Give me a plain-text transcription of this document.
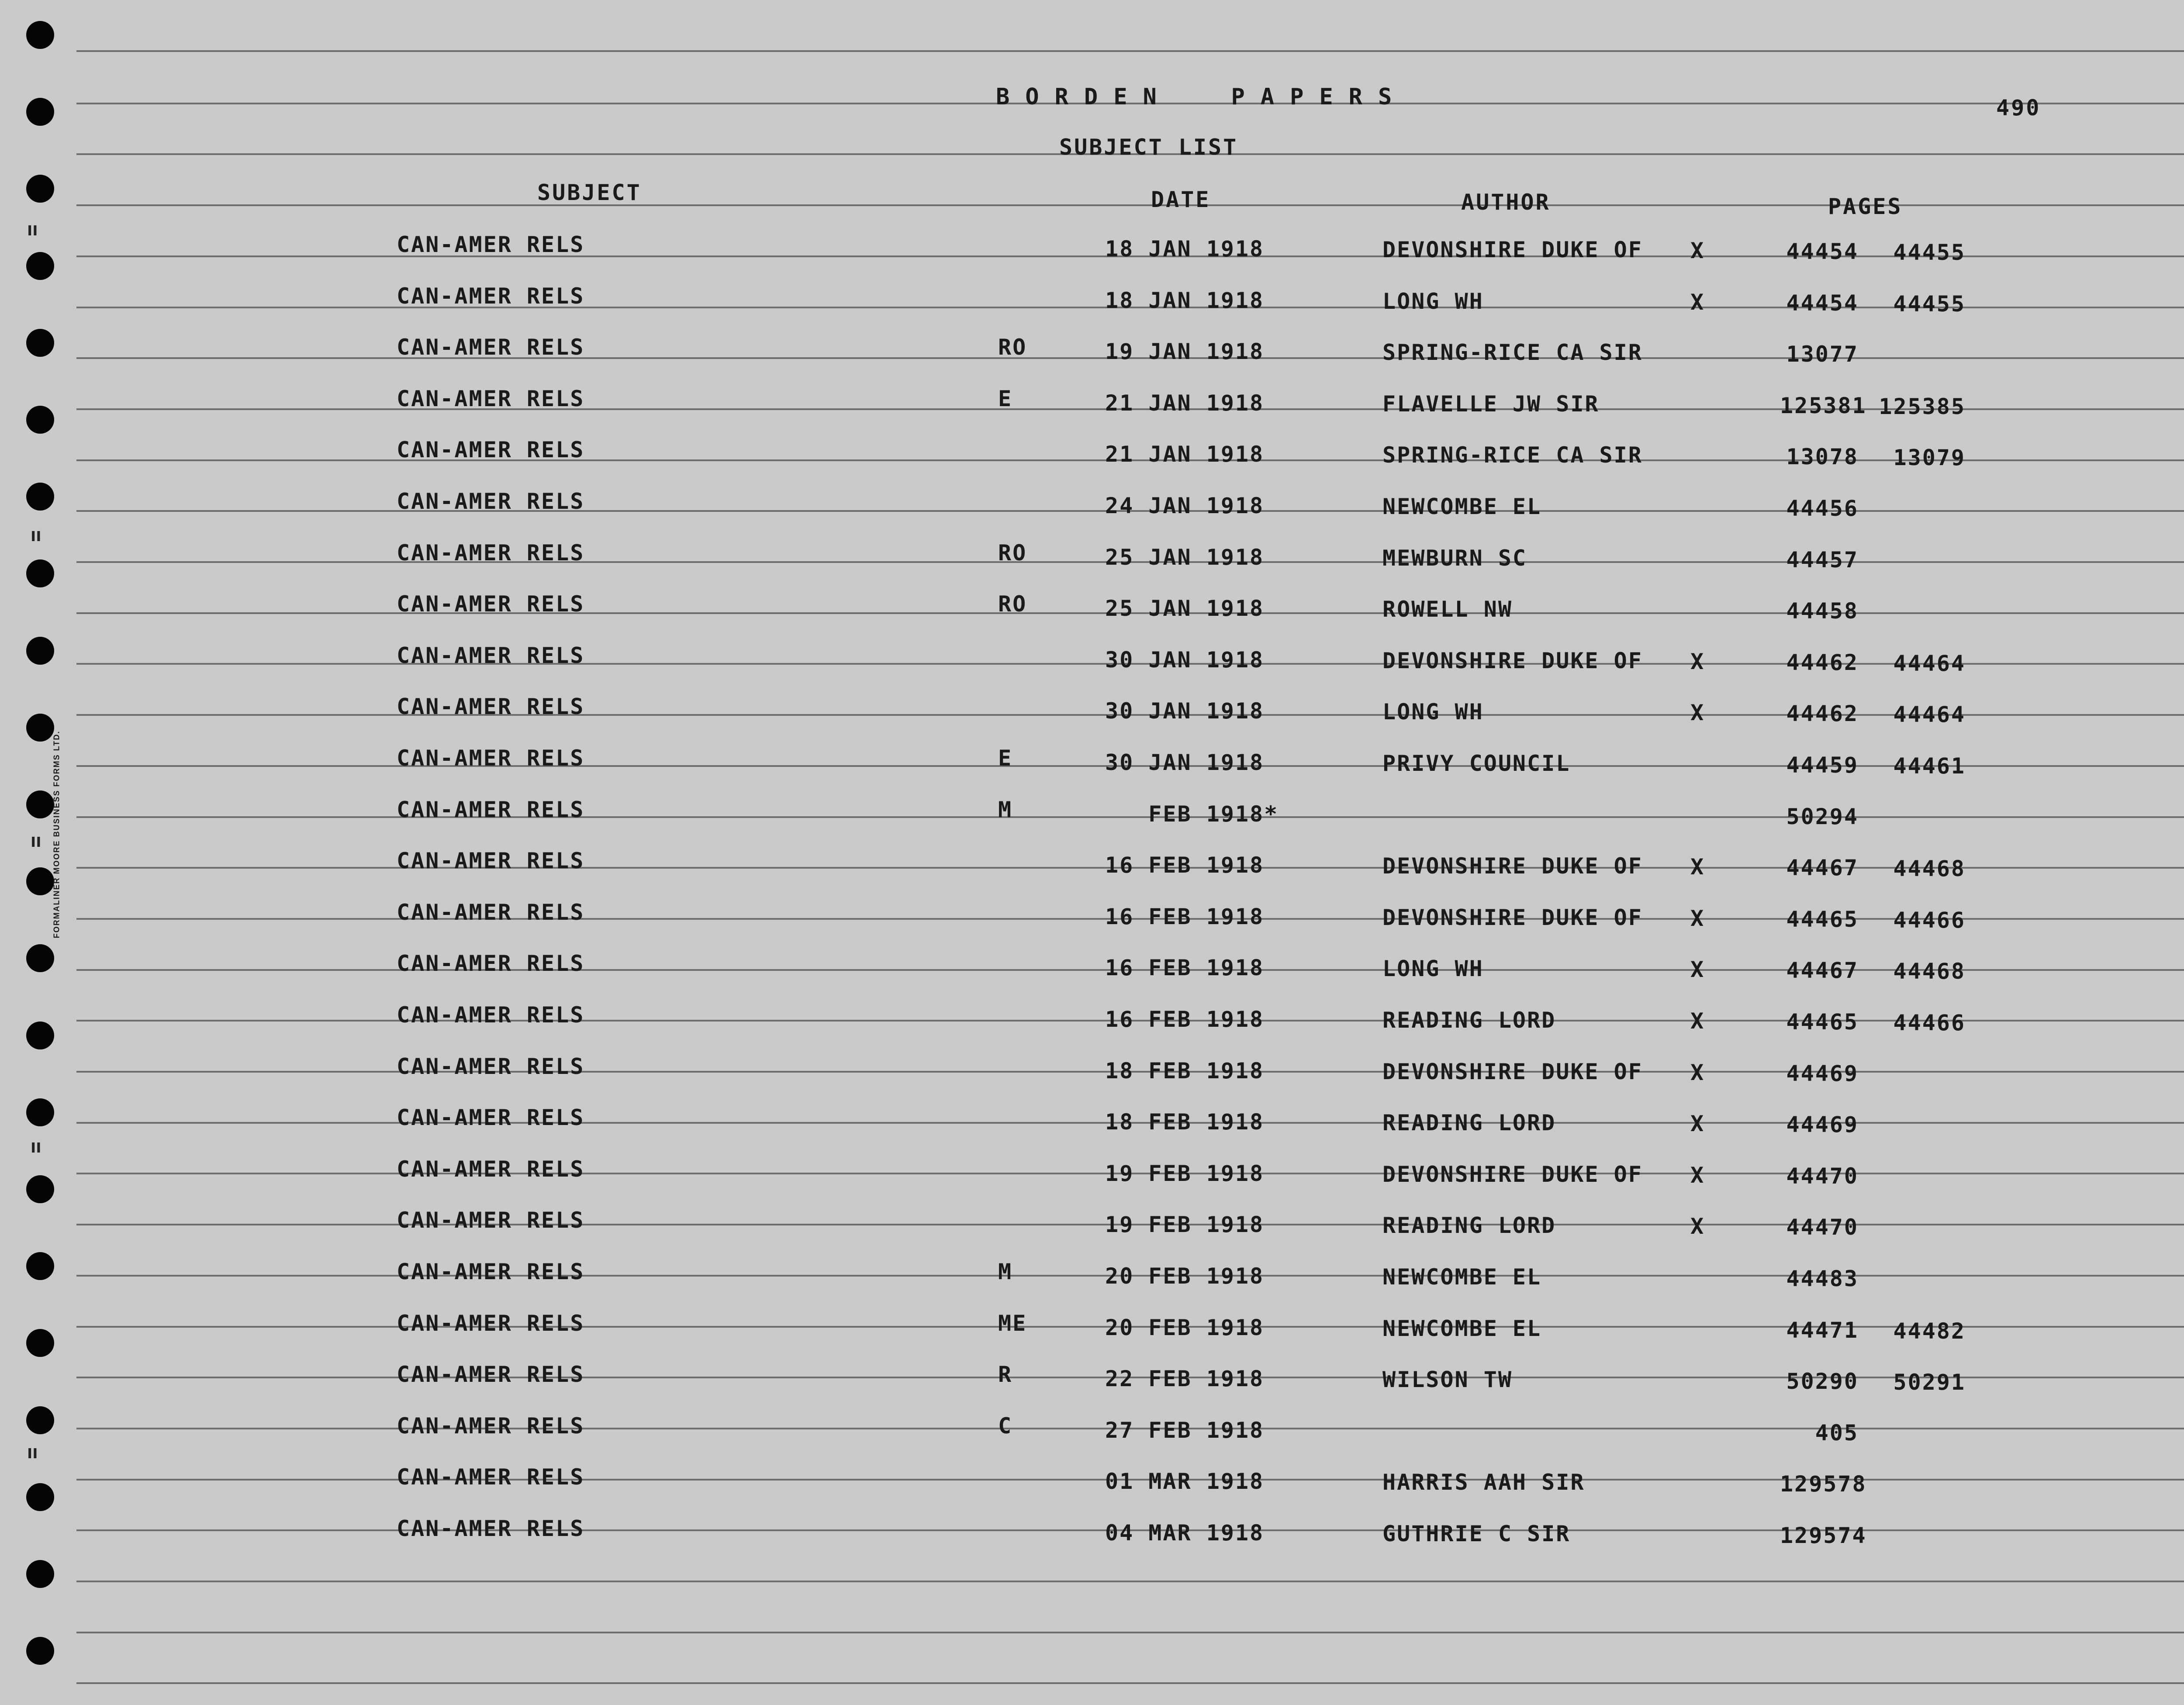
BORDEN  PAPERS
SUBJECT LIST
490
SUBJECT	DATE	AUTHOR	PAGES
CAN-AMER RELS	18 JAN 1918	DEVONSHIRE DUKE OF X	44454	44455
CAN-AMER RELS	18 JAN 1918	LONG WH	X	44454	44455
CAN-AMER RELS	RO	19 JAN 1918	SPRING-RICE CA SIR	13077
CAN-AMER RELS	E	21 JAN 1918	FLAVELLE JW SIR	125381 125385
CAN-AMER RELS	21 JAN 1918	SPRING-RICE CA SIR	13078	13079
CAN-AMER RELS	24 JAN 1918	NEWCOMBE EL	44456
CAN-AMER RELS	RO	25 JAN 1918	MEWBURN SC	44457
CAN-AMER RELS	RO	25 JAN 1918	ROWELL NW	44458
CAN-AMER RELS	30 JAN 1918	DEVONSHIRE DUKE OF X	44462	44464
CAN-AMER RELS	30 JAN 1918	LONG WH	X	44462	44464
CAN-AMER RELS	E	30 JAN 1918	PRIVY COUNCIL	44459	44461
CAN-AMER RELS	M	FEB 1918*	50294
CAN-AMER RELS	16 FEB 1918	DEVONSHIRE DUKE OF X	44467	44468
CAN-AMER RELS	16 FEB 1918	DEVONSHIRE DUKE OF X	44465	44466
CAN-AMER RELS	16 FEB 1918	LONG WH	X	44467	44468
CAN-AMER RELS	16 FEB 1918	READING LORD	X	44465	44466
CAN-AMER RELS	18 FEB 1918	DEVONSHIRE DUKE OF X	44469
CAN-AMER RELS	18 FEB 1918	READING LORD	X	44469
CAN-AMER RELS	19 FEB 1918	DEVONSHIRE DUKE OF X	44470
CAN-AMER RELS	19 FEB 1918	READING LORD	X	44470
CAN-AMER RELS	M	20 FEB 1918	NEWCOMBE EL	44483
CAN-AMER RELS	ME	20 FEB 1918	NEWCOMBE EL	44471	44482
CAN-AMER RELS	R	22 FEB 1918	WILSON TW	50290	50291
CAN-AMER RELS	C	27 FEB 1918	405
CAN-AMER RELS	01 MAR 1918	HARRIS AAH SIR	129578
CAN-AMER RELS	04 MAR 1918	GUTHRIE C SIR	129574
FORMALINER MOORE BUSINESS FORMS LTD.
ıı
ıı
ıı
ıı
ıı
